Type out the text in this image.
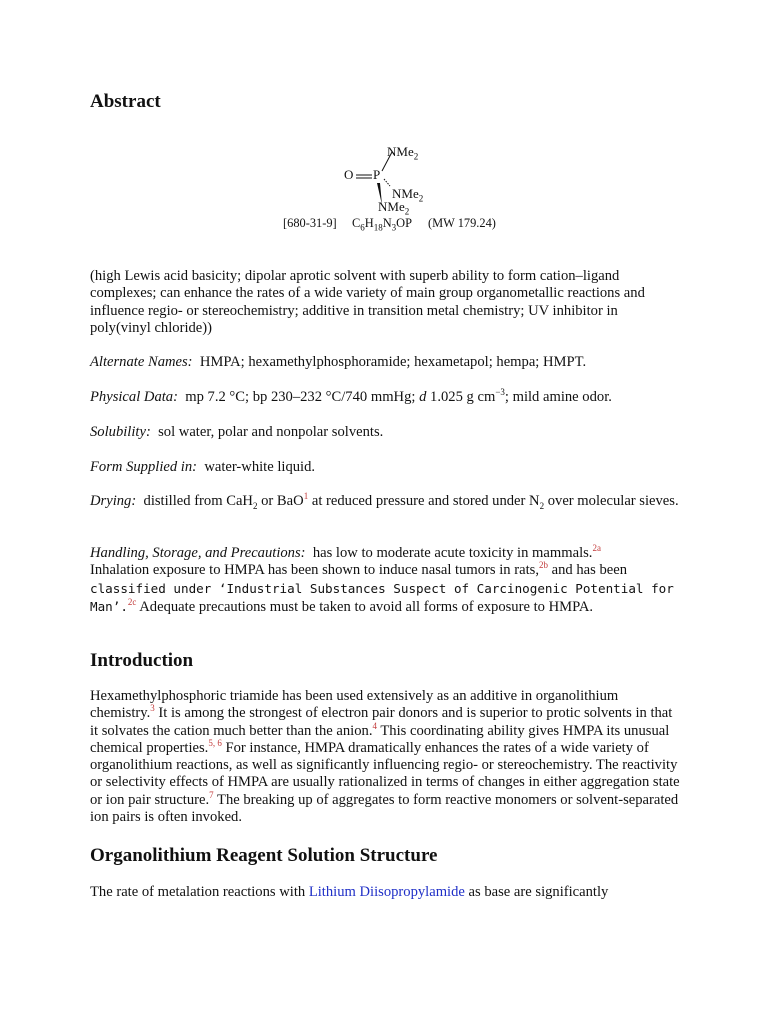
Abstract
O P
NMe$_2$
NMe$_2$
NMe$_2$
[680-31-9] $C_6H_{18}N_3OP$ (MW 179.24)

(high Lewis acid basicity; dipolar aprotic solvent with superb ability to form cation–ligand complexes; can enhance the rates of a wide variety of main group organometallic reactions and influence regio- or stereochemistry; additive in transition metal chemistry; UV inhibitor in poly(vinyl chloride))

Alternate Names: HMPA; hexamethylphosphoramide; hexametapol; hempa; HMPT.

Physical Data: mp 7.2 °C; bp 230–232 °C/740 mmHg; d 1.025 g $cm^{-3}$; mild amine odor.

Solubility: sol water, polar and nonpolar solvents.

Form Supplied in: water-white liquid.

Drying: distilled from CaH$_2$ or BaO$^1$ at reduced pressure and stored under $N_2$ over molecular sieves.

Handling, Storage, and Precautions: has low to moderate acute toxicity in mammals.$^{2a}$
Inhalation exposure to HMPA has been shown to induce nasal tumors in rats,$^{2b}$ and has been classified under ‘Industrial Substances Suspect of Carcinogenic Potential for Man’.$^{2c}$ Adequate precautions must be taken to avoid all forms of exposure to HMPA.

Introduction

Hexamethylphosphoric triamide has been used extensively as an additive in organolithium chemistry.$^3$ It is among the strongest of electron pair donors and is superior to protic solvents in that it solvates the cation much better than the anion.$^4$ This coordinating ability gives HMPA its unusual chemical properties.$^{5, 6}$ For instance, HMPA dramatically enhances the rates of a wide variety of organolithium reactions, as well as significantly influencing regio- or stereochemistry. The reactivity or selectivity effects of HMPA are usually rationalized in terms of changes in either aggregation state or ion pair structure.$^7$ The breaking up of aggregates to form reactive monomers or solvent-separated ion pairs is often invoked.

Organolithium Reagent Solution Structure

The rate of metalation reactions with Lithium Diisopropylamide as base are significantly
